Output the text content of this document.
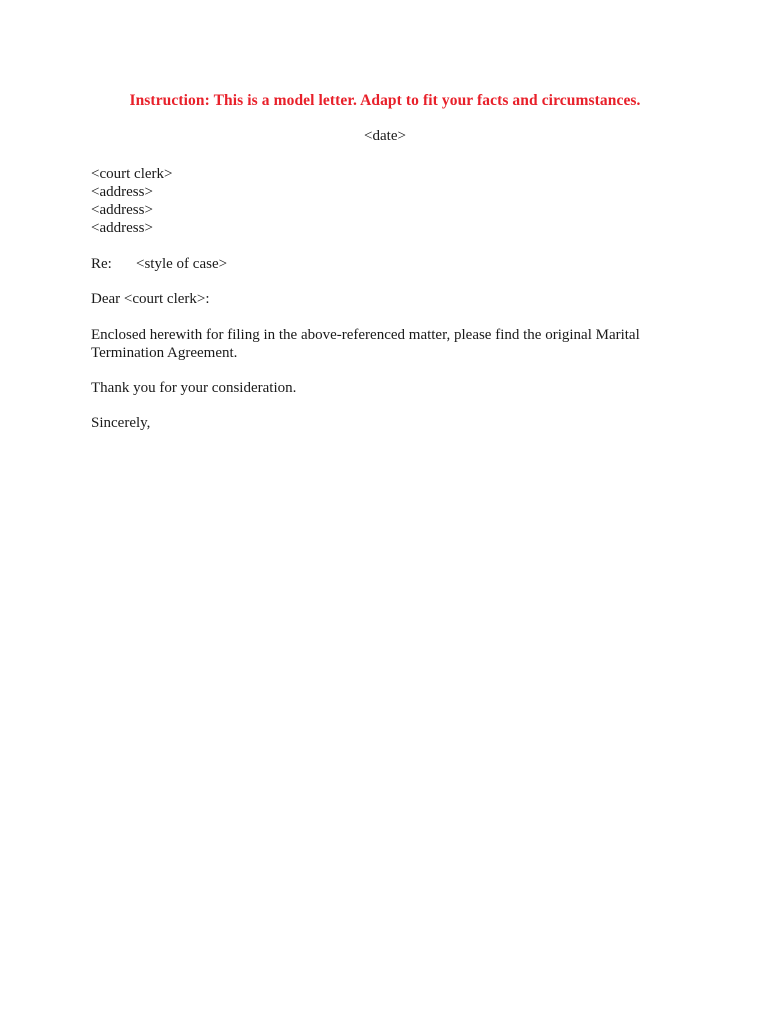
Instruction: This is a model letter. Adapt to fit your facts and circumstances.
<date>
<court clerk>
<address>
<address>
<address>
Re: <style of case>
Dear <court clerk>:
Enclosed herewith for filing in the above-referenced matter, please find the original Marital
Termination Agreement.
Thank you for your consideration.
Sincerely,
